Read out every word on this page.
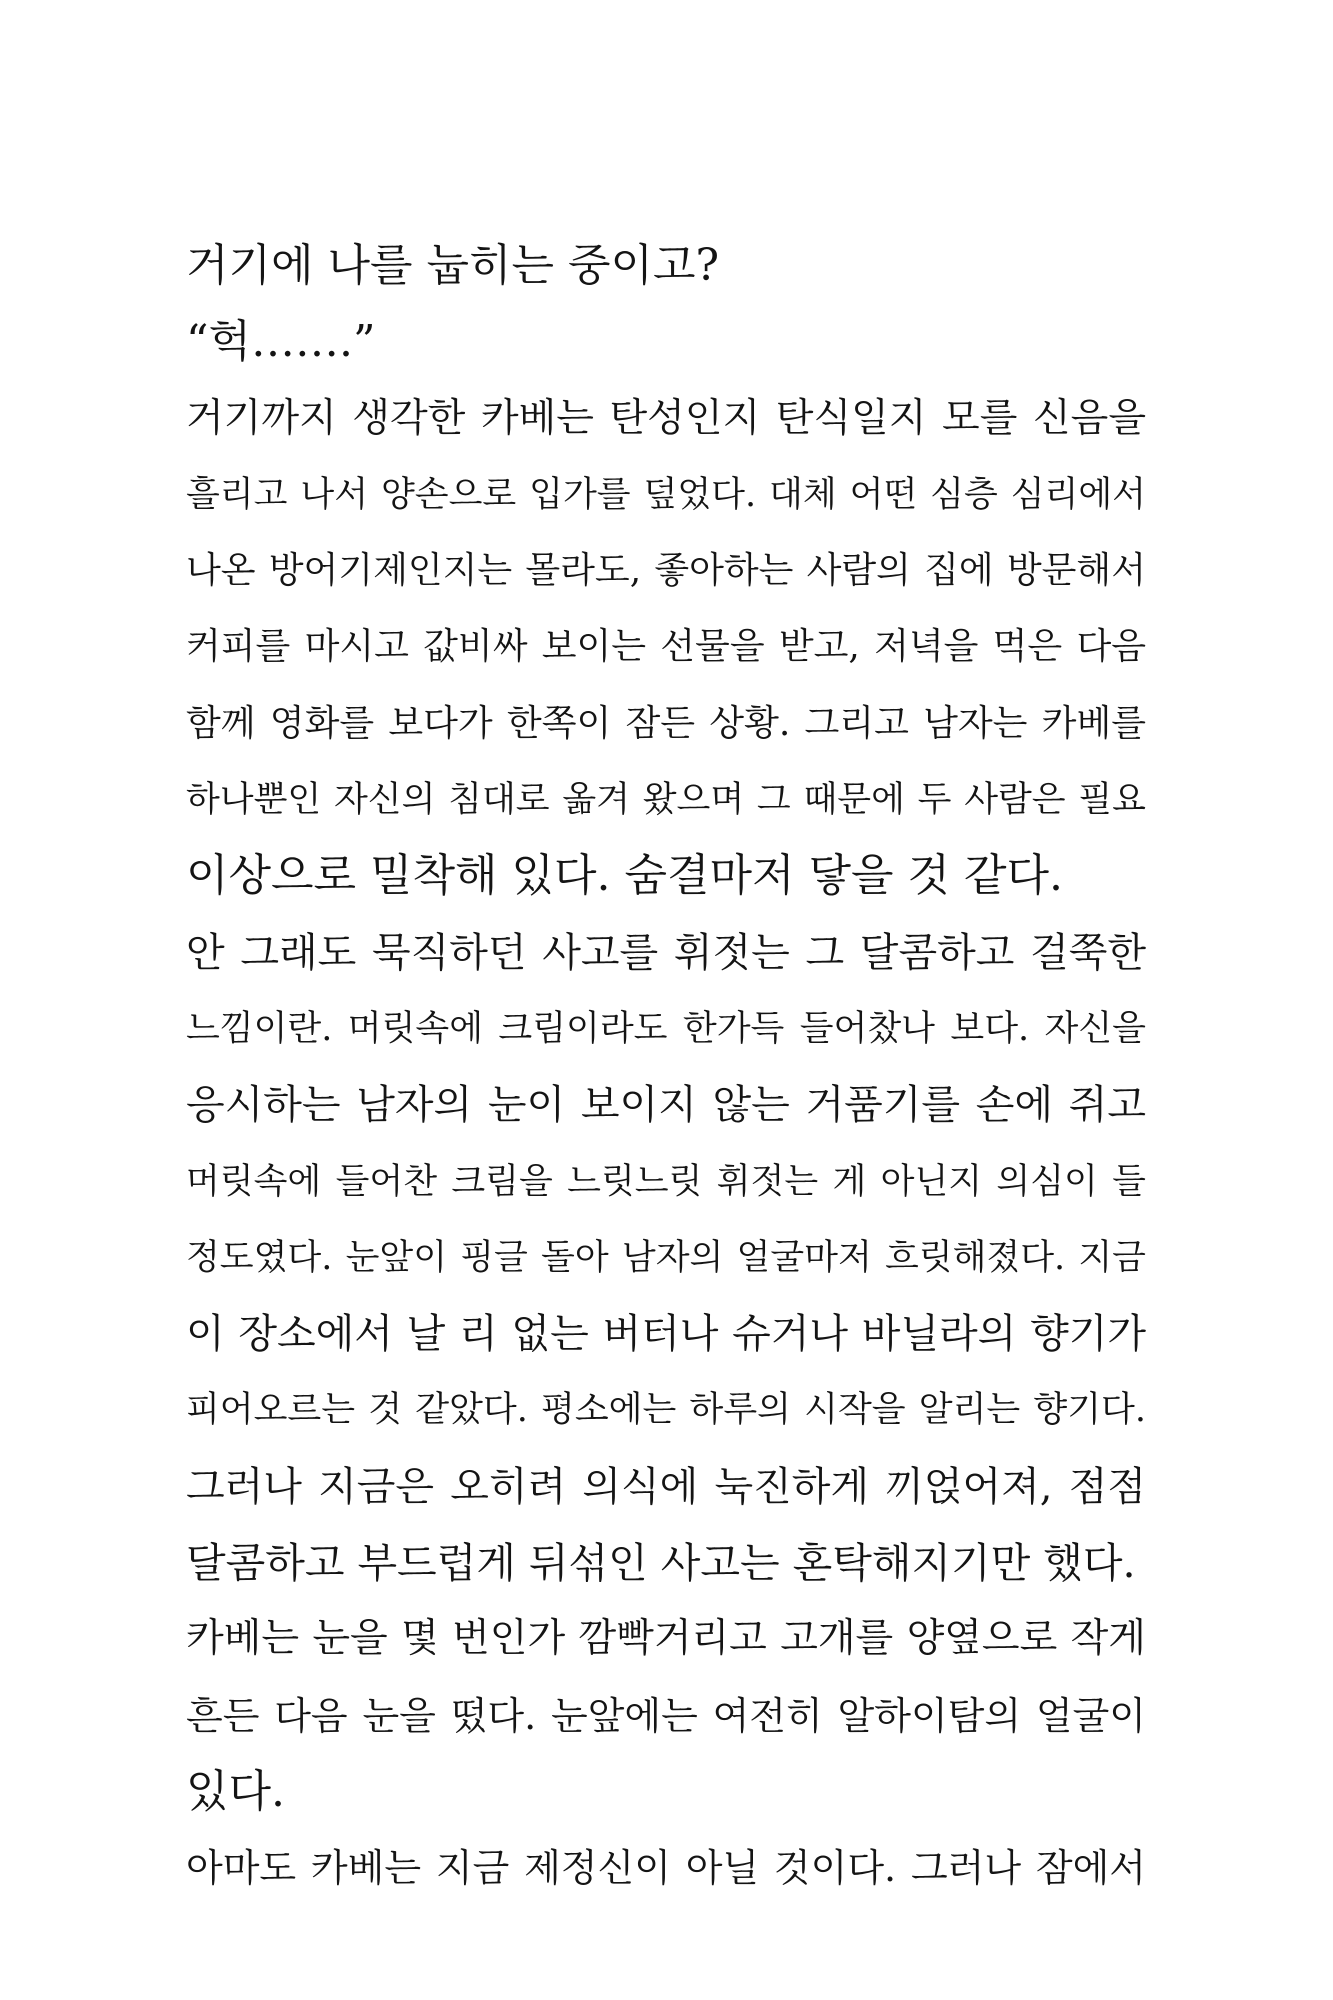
거기에 나를 눕히는 중이고?
“헉…….”
거기까지 생각한 카베는 탄성인지 탄식일지 모를 신음을
흘리고 나서 양손으로 입가를 덮었다. 대체 어떤 심층 심리에서
나온 방어기제인지는 몰라도, 좋아하는 사람의 집에 방문해서
커피를 마시고 값비싸 보이는 선물을 받고, 저녁을 먹은 다음
함께 영화를 보다가 한쪽이 잠든 상황. 그리고 남자는 카베를
하나뿐인 자신의 침대로 옮겨 왔으며 그 때문에 두 사람은 필요
이상으로 밀착해 있다. 숨결마저 닿을 것 같다.
안 그래도 묵직하던 사고를 휘젓는 그 달콤하고 걸쭉한
느낌이란. 머릿속에 크림이라도 한가득 들어찼나 보다. 자신을
응시하는 남자의 눈이 보이지 않는 거품기를 손에 쥐고
머릿속에 들어찬 크림을 느릿느릿 휘젓는 게 아닌지 의심이 들
정도였다. 눈앞이 핑글 돌아 남자의 얼굴마저 흐릿해졌다. 지금
이 장소에서 날 리 없는 버터나 슈거나 바닐라의 향기가
피어오르는 것 같았다. 평소에는 하루의 시작을 알리는 향기다.
그러나 지금은 오히려 의식에 눅진하게 끼얹어져, 점점
달콤하고 부드럽게 뒤섞인 사고는 혼탁해지기만 했다.
카베는 눈을 몇 번인가 깜빡거리고 고개를 양옆으로 작게
흔든 다음 눈을 떴다. 눈앞에는 여전히 알하이탐의 얼굴이
있다.
아마도 카베는 지금 제정신이 아닐 것이다. 그러나 잠에서
